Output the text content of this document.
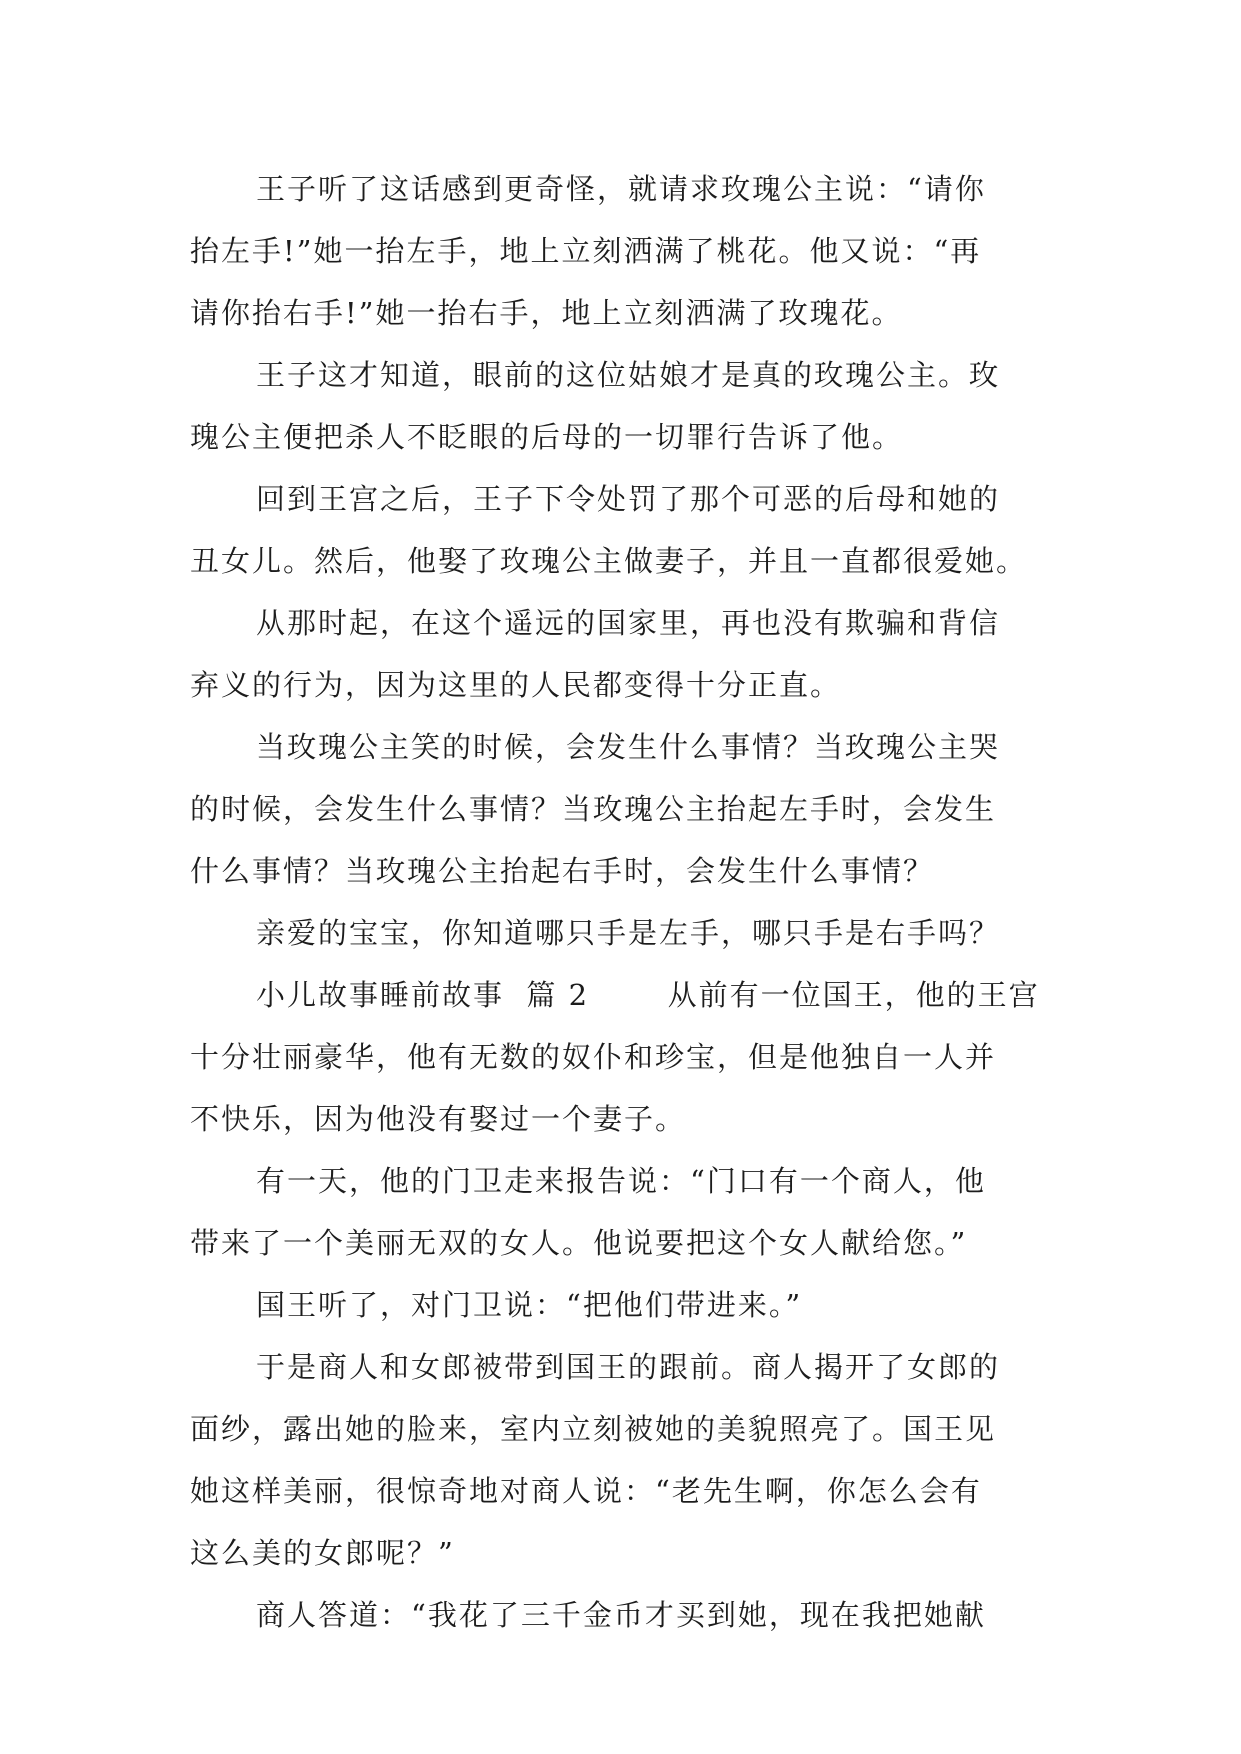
王子听了这话感到更奇怪，就请求玫瑰公主说：“请你
抬左手!”她一抬左手，地上立刻洒满了桃花。他又说：“再
请你抬右手!”她一抬右手，地上立刻洒满了玫瑰花。
王子这才知道，眼前的这位姑娘才是真的玫瑰公主。玫
瑰公主便把杀人不眨眼的后母的一切罪行告诉了他。
回到王宫之后，王子下令处罚了那个可恶的后母和她的
丑女儿。然后，他娶了玫瑰公主做妻子，并且一直都很爱她。
从那时起，在这个遥远的国家里，再也没有欺骗和背信
弃义的行为，因为这里的人民都变得十分正直。
当玫瑰公主笑的时候，会发生什么事情？当玫瑰公主哭
的时候，会发生什么事情？当玫瑰公主抬起左手时，会发生
什么事情？当玫瑰公主抬起右手时，会发生什么事情？
亲爱的宝宝，你知道哪只手是左手，哪只手是右手吗？
小儿故事睡前故事  篇 2       从前有一位国王，他的王宫
十分壮丽豪华，他有无数的奴仆和珍宝，但是他独自一人并
不快乐，因为他没有娶过一个妻子。
有一天，他的门卫走来报告说：“门口有一个商人，他
带来了一个美丽无双的女人。他说要把这个女人献给您。”
国王听了，对门卫说：“把他们带进来。”
于是商人和女郎被带到国王的跟前。商人揭开了女郎的
面纱，露出她的脸来，室内立刻被她的美貌照亮了。国王见
她这样美丽，很惊奇地对商人说：“老先生啊，你怎么会有
这么美的女郎呢？”
商人答道：“我花了三千金币才买到她，现在我把她献
